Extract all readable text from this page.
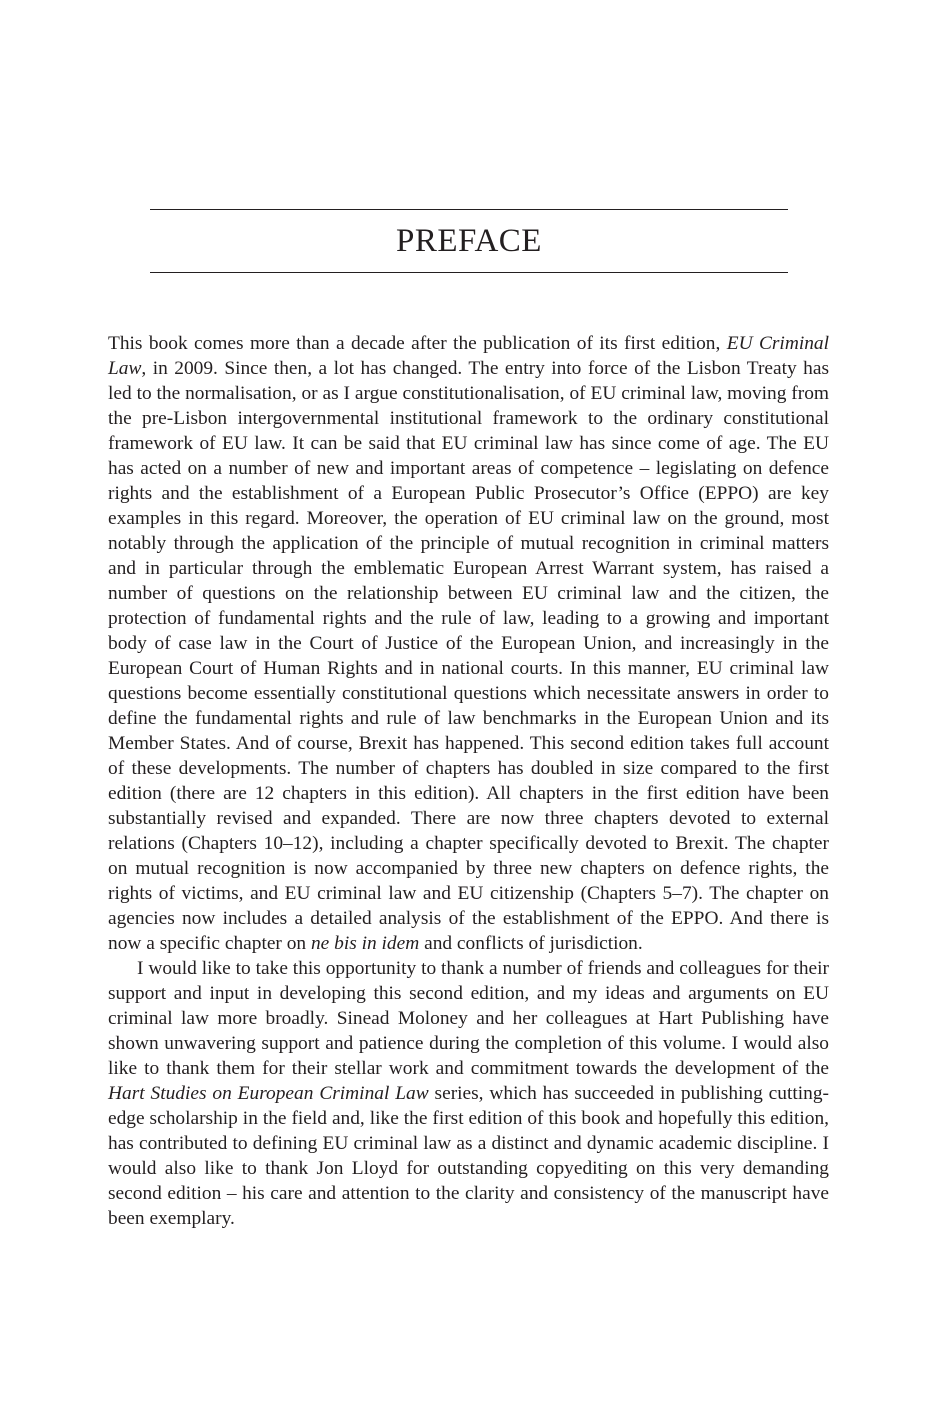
PREFACE

This book comes more than a decade after the publication of its first edition, EU Criminal Law, in 2009. Since then, a lot has changed. The entry into force of the Lisbon Treaty has led to the normalisation, or as I argue constitutionalisation, of EU criminal law, moving from the pre-Lisbon intergovernmental institutional framework to the ordinary constitutional framework of EU law. It can be said that EU criminal law has since come of age. The EU has acted on a number of new and important areas of competence – legislating on defence rights and the establishment of a European Public Prosecutor’s Office (EPPO) are key examples in this regard. Moreover, the operation of EU criminal law on the ground, most notably through the application of the principle of mutual recognition in criminal matters and in particular through the emblematic European Arrest Warrant system, has raised a number of questions on the relationship between EU criminal law and the citizen, the protection of fundamental rights and the rule of law, leading to a growing and important body of case law in the Court of Justice of the European Union, and increasingly in the European Court of Human Rights and in national courts. In this manner, EU criminal law questions become essentially constitutional questions which necessitate answers in order to define the fundamental rights and rule of law benchmarks in the European Union and its Member States. And of course, Brexit has happened. This second edition takes full account of these developments. The number of chapters has doubled in size compared to the first edition (there are 12 chapters in this edition). All chapters in the first edition have been substantially revised and expanded. There are now three chapters devoted to external relations (Chapters 10–12), including a chapter specifically devoted to Brexit. The chapter on mutual recognition is now accompanied by three new chapters on defence rights, the rights of victims, and EU criminal law and EU citizenship (Chapters 5–7). The chapter on agencies now includes a detailed analysis of the establishment of the EPPO. And there is now a specific chapter on ne bis in idem and conflicts of jurisdiction.

I would like to take this opportunity to thank a number of friends and colleagues for their support and input in developing this second edition, and my ideas and arguments on EU criminal law more broadly. Sinead Moloney and her colleagues at Hart Publishing have shown unwavering support and patience during the completion of this volume. I would also like to thank them for their stellar work and commitment towards the development of the Hart Studies on European Criminal Law series, which has succeeded in publishing cutting-edge scholarship in the field and, like the first edition of this book and hopefully this edition, has contributed to defining EU criminal law as a distinct and dynamic academic discipline. I would also like to thank Jon Lloyd for outstanding copyediting on this very demanding second edition – his care and attention to the clarity and consistency of the manuscript have been exemplary.
